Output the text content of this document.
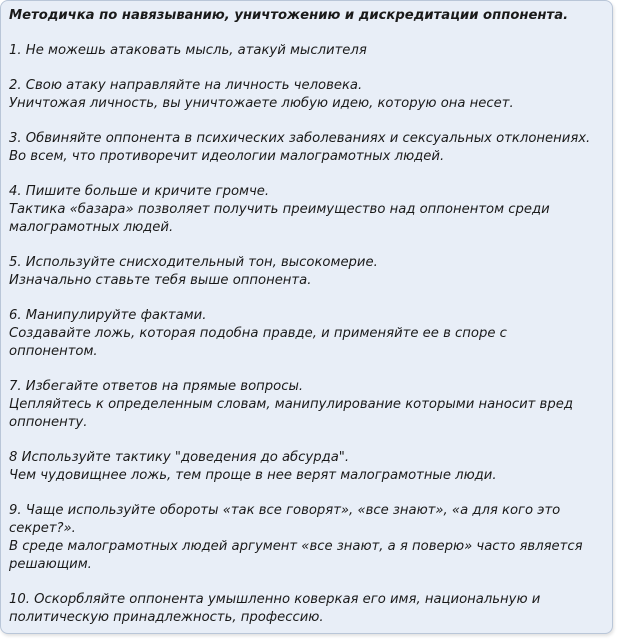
Методичка по навязыванию, уничтожению и дискредитации оппонента.
1. Не можешь атаковать мысль, атакуй мыслителя
2. Свою атаку направляйте на личность человека.
Уничтожая личность, вы уничтожаете любую идею, которую она несет.
3. Обвиняйте оппонента в психических заболеваниях и сексуальных отклонениях.
Во всем, что противоречит идеологии малограмотных людей.
4. Пишите больше и кричите громче.
Тактика «базара» позволяет получить преимущество над оппонентом среди
малограмотных людей.
5. Используйте снисходительный тон, высокомерие.
Изначально ставьте тебя выше оппонента.
6. Манипулируйте фактами.
Создавайте ложь, которая подобна правде, и применяйте ее в споре с
оппонентом.
7. Избегайте ответов на прямые вопросы.
Цепляйтесь к определенным словам, манипулирование которыми наносит вред
оппоненту.
8 Используйте тактику "доведения до абсурда".
Чем чудовищнее ложь, тем проще в нее верят малограмотные люди.
9. Чаще используйте обороты «так все говорят», «все знают», «а для кого это
секрет?».
В среде малограмотных людей аргумент «все знают, а я поверю» часто является
решающим.
10. Оскорбляйте оппонента умышленно коверкая его имя, национальную и
политическую принадлежность, профессию.
